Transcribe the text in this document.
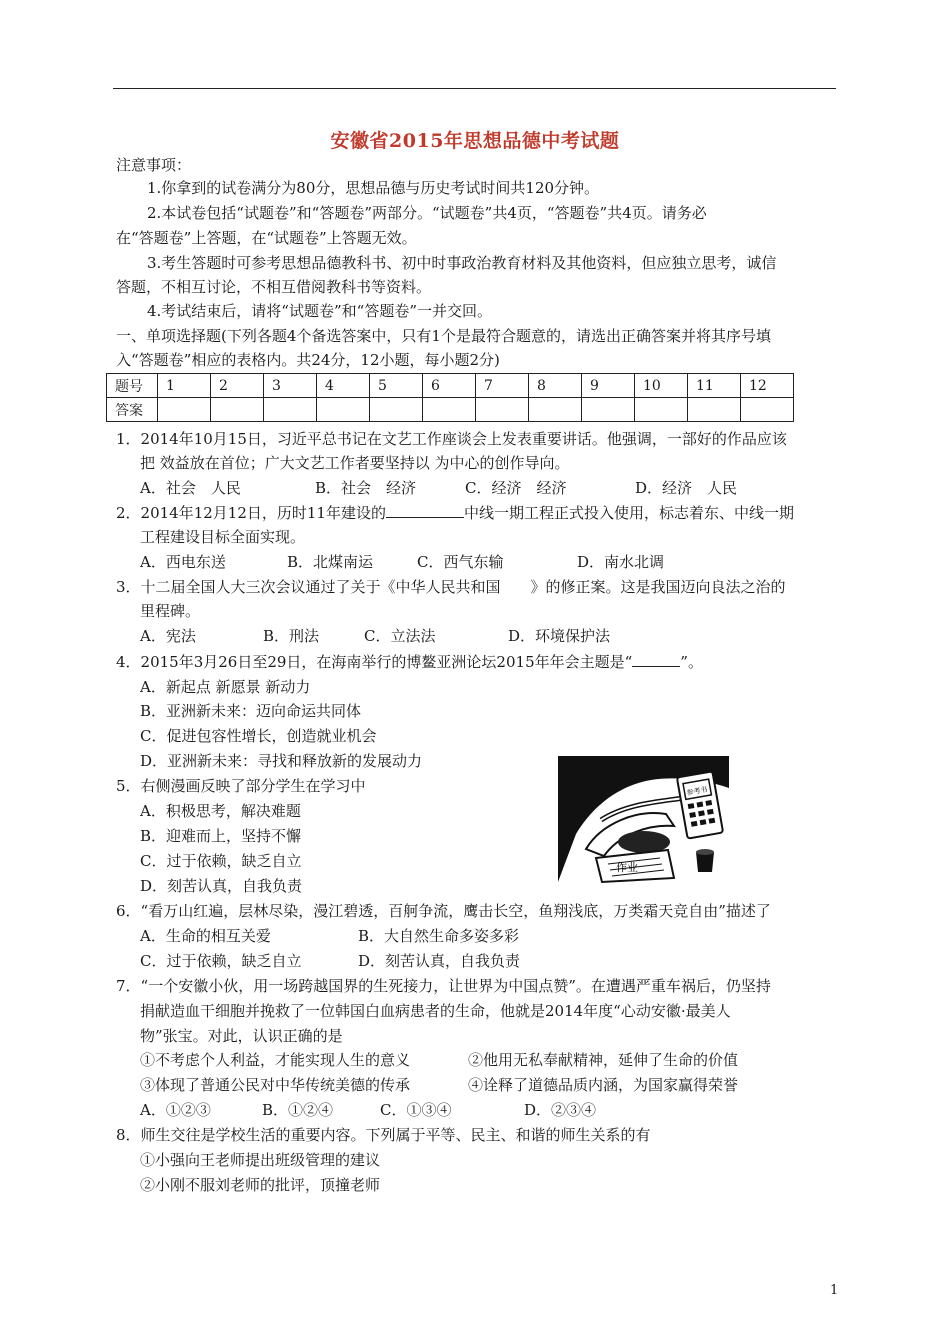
安徽省2015年思想品德中考试题
注意事项：
1.你拿到的试卷满分为80分，思想品德与历史考试时间共120分钟。
2.本试卷包括“试题卷”和“答题卷”两部分。“试题卷”共4页，“答题卷”共4页。请务必
在“答题卷”上答题，在“试题卷”上答题无效。
3.考生答题时可参考思想品德教科书、初中时事政治教育材料及其他资料，但应独立思考，诚信
答题，不相互讨论，不相互借阅教科书等资料。
4.考试结束后，请将“试题卷”和“答题卷”一并交回。
一、单项选择题(下列各题4个备选答案中，只有1个是最符合题意的，请选出正确答案并将其序号填
入“答题卷”相应的表格内。共24分，12小题，每小题2分)
题号	1	2	3	4	5	6	7	8	9	10	11	12
答案												
1．2014年10月15日，习近平总书记在文艺工作座谈会上发表重要讲话。他强调，一部好的作品应该
把 效益放在首位；广大文艺工作者要坚持以 为中心的创作导向。
A．社会　人民	B．社会　经济	C．经济　经济	D．经济　人民
2．2014年12月12日，历时11年建设的	中线一期工程正式投入使用，标志着东、中线一期
工程建设目标全面实现。
A．西电东送	B．北煤南运	C．西气东输	D．南水北调
3．十二届全国人大三次会议通过了关于《中华人民共和国　　》的修正案。这是我国迈向良法之治的
里程碑。
A．宪法	B．刑法	C．立法法	D．环境保护法
4．2015年3月26日至29日，在海南举行的博鳌亚洲论坛2015年年会主题是“	”。
A．新起点 新愿景 新动力
B．亚洲新未来：迈向命运共同体
C．促进包容性增长，创造就业机会
D．亚洲新未来：寻找和释放新的发展动力
5．右侧漫画反映了部分学生在学习中
A．积极思考，解决难题
B．迎难而上，坚持不懈
C．过于依赖，缺乏自立
D．刻苦认真，自我负责
参考书
作业
6．“看万山红遍，层林尽染，漫江碧透，百舸争流，鹰击长空，鱼翔浅底，万类霜天竞自由”描述了
A．生命的相互关爱	B．大自然生命多姿多彩
C．过于依赖，缺乏自立	D．刻苦认真，自我负责
7．“一个安徽小伙，用一场跨越国界的生死接力，让世界为中国点赞”。在遭遇严重车祸后，仍坚持
捐献造血干细胞并挽救了一位韩国白血病患者的生命，他就是2014年度“心动安徽·最美人
物”张宝。对此，认识正确的是
①不考虑个人利益，才能实现人生的意义	②他用无私奉献精神，延伸了生命的价值
③体现了普通公民对中华传统美德的传承	④诠释了道德品质内涵，为国家赢得荣誉
A．①②③	B．①②④	C．①③④	D．②③④
8．师生交往是学校生活的重要内容。下列属于平等、民主、和谐的师生关系的有
①小强向王老师提出班级管理的建议
②小刚不服刘老师的批评，顶撞老师
1
